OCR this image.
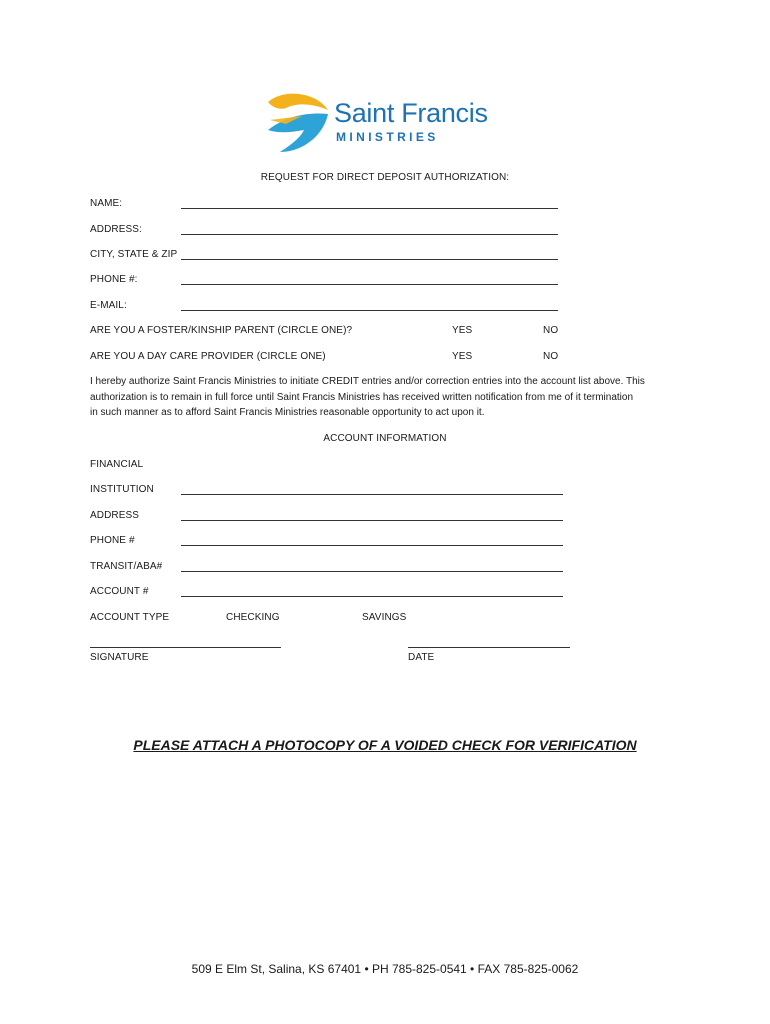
Saint Francis
MINISTRIES
REQUEST FOR DIRECT DEPOSIT AUTHORIZATION:
NAME:
ADDRESS:
CITY, STATE & ZIP
PHONE #:
E-MAIL:
ARE YOU A FOSTER/KINSHIP PARENT (CIRCLE ONE)?	YES	NO
ARE YOU A DAY CARE PROVIDER (CIRCLE ONE)	YES	NO
I hereby authorize Saint Francis Ministries to initiate CREDIT entries and/or correction entries into the account list above. This
authorization is to remain in full force until Saint Francis Ministries has received written notification from me of it termination
in such manner as to afford Saint Francis Ministries reasonable opportunity to act upon it.
ACCOUNT INFORMATION
FINANCIAL
INSTITUTION
ADDRESS
PHONE #
TRANSIT/ABA#
ACCOUNT #
ACCOUNT TYPE	CHECKING	SAVINGS
SIGNATURE	DATE
PLEASE ATTACH A PHOTOCOPY OF A VOIDED CHECK FOR VERIFICATION
509 E Elm St, Salina, KS 67401 • PH 785-825-0541 • FAX 785-825-0062
